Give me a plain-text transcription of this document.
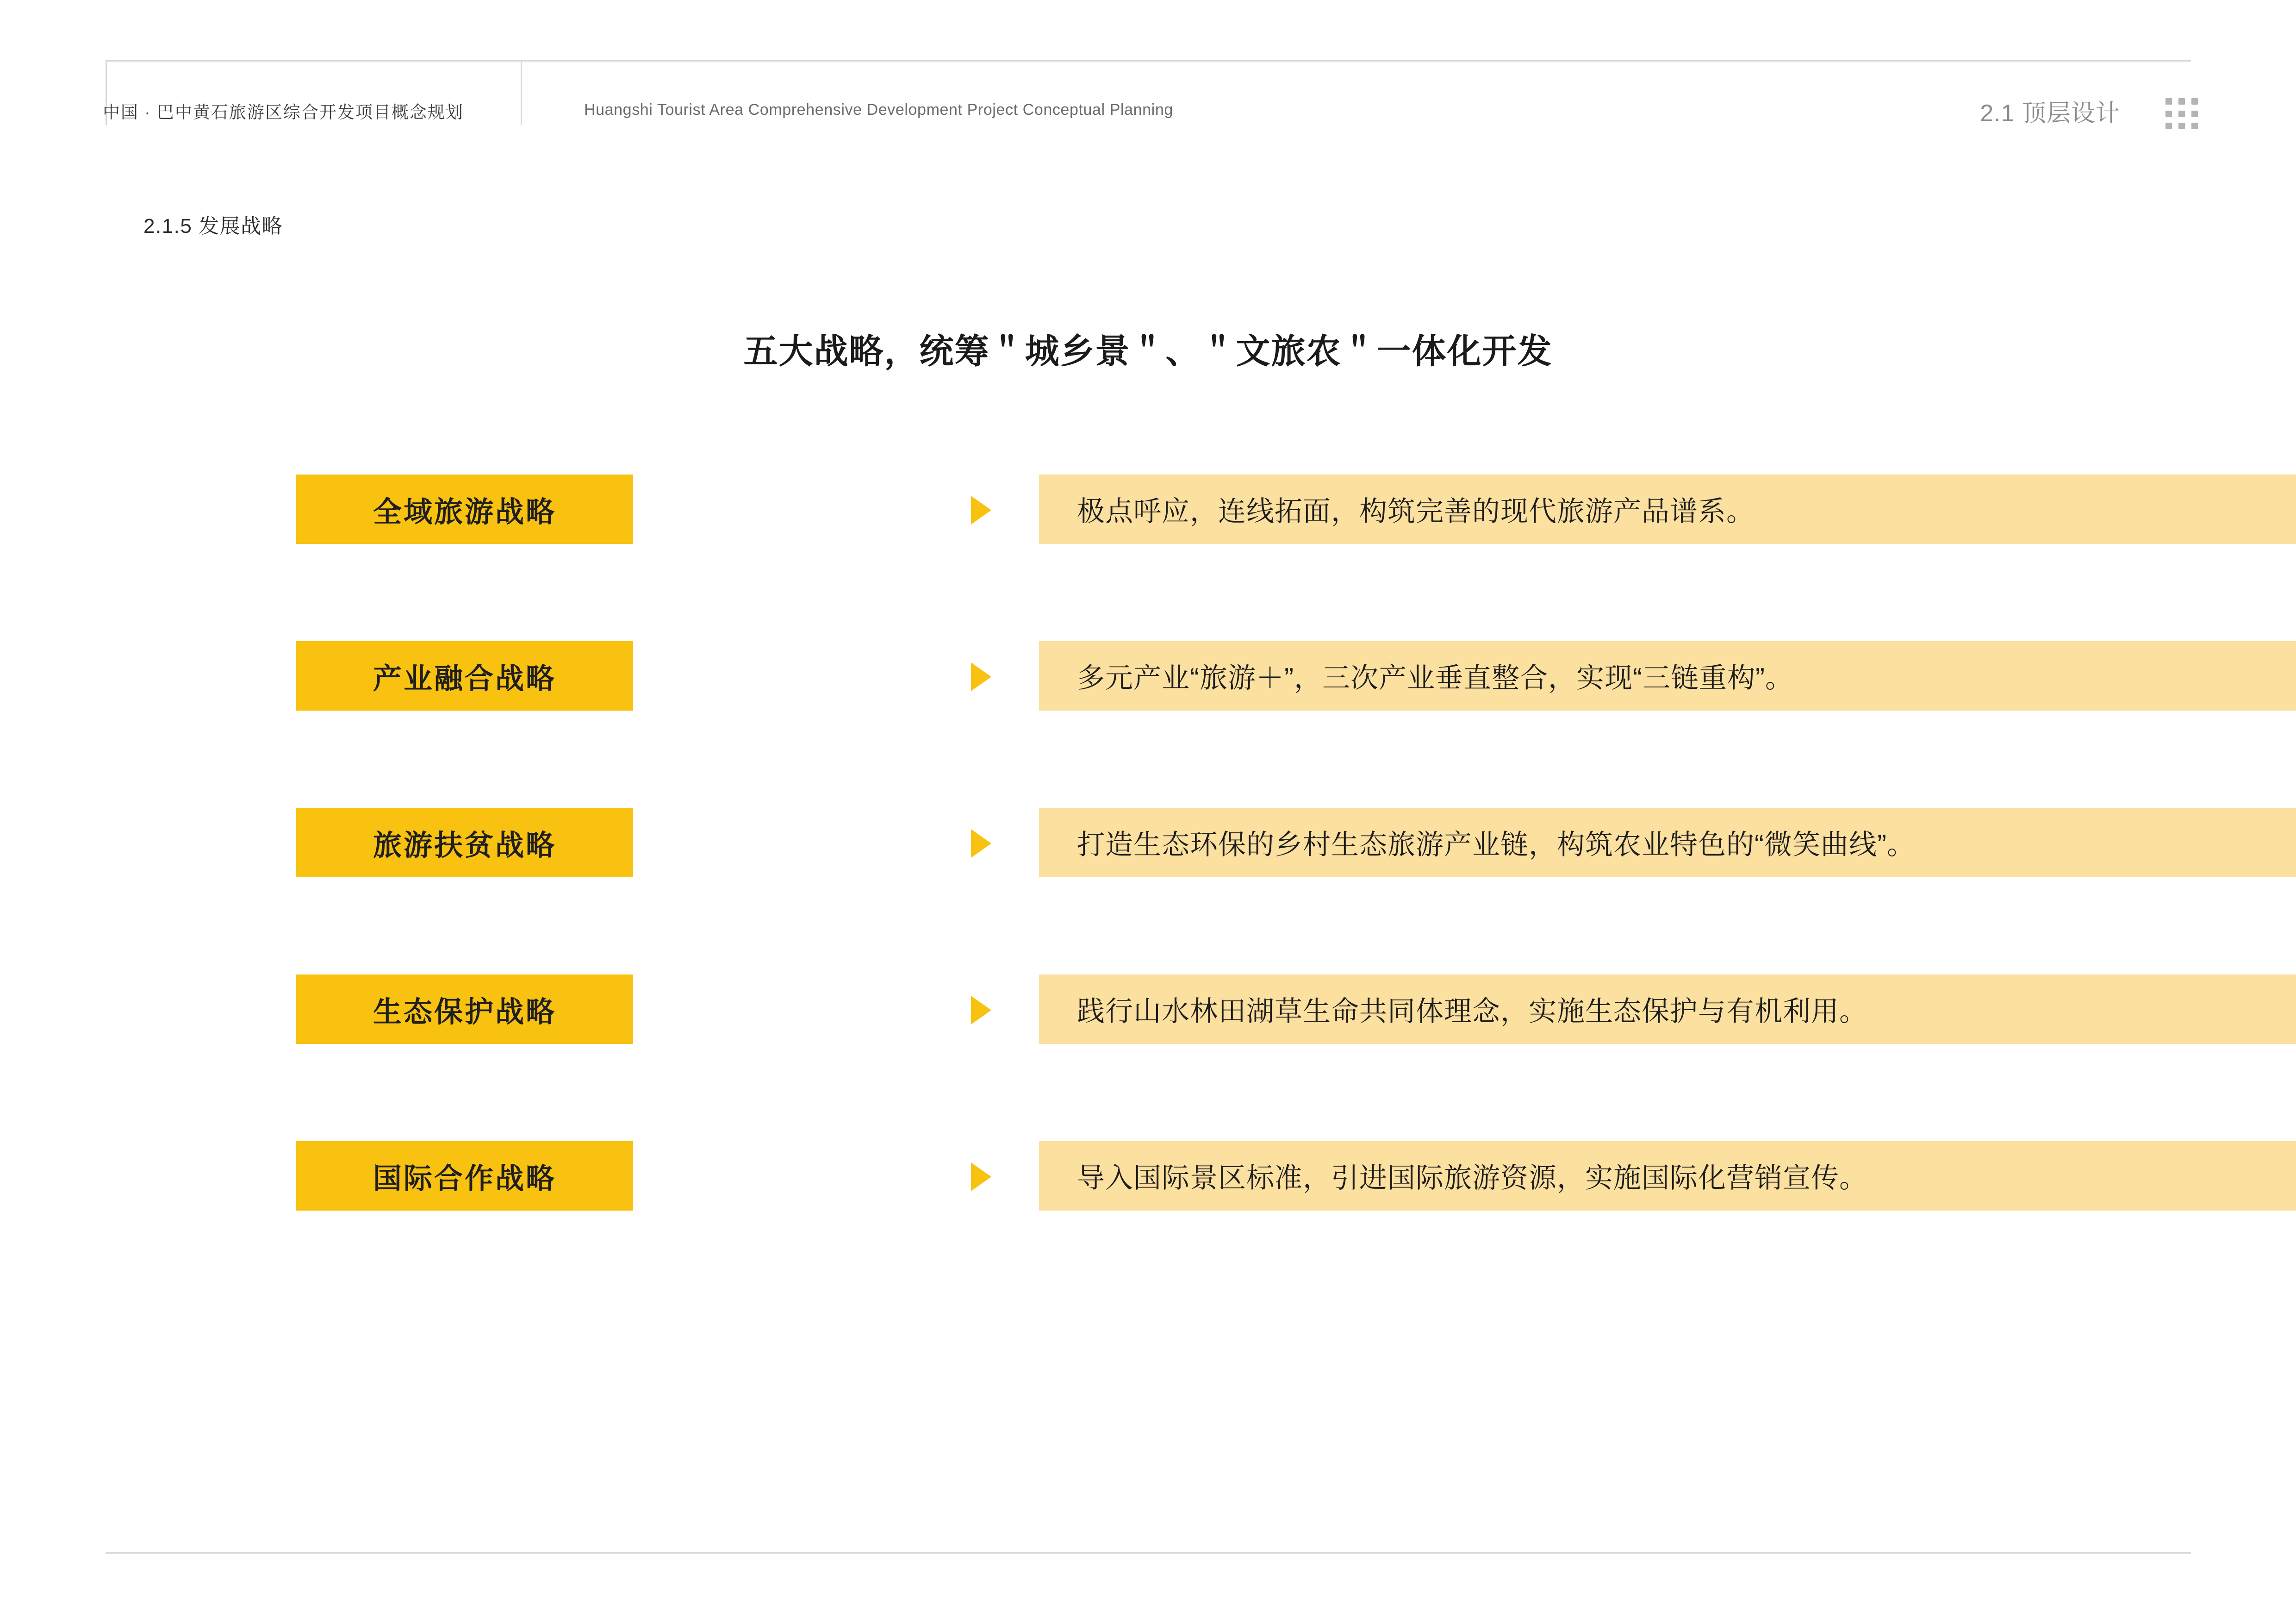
中国 · 巴中黄石旅游区综合开发项目概念规划	Huangshi Tourist Area Comprehensive Development Project Conceptual Planning	2.1 顶层设计
2.1.5 发展战略
五大战略，统筹＂城乡景＂、＂文旅农＂一体化开发
全域旅游战略	极点呼应，连线拓面，构筑完善的现代旅游产品谱系。
产业融合战略	多元产业“旅游＋”，三次产业垂直整合，实现“三链重构”。
旅游扶贫战略	打造生态环保的乡村生态旅游产业链，构筑农业特色的“微笑曲线”。
生态保护战略	践行山水林田湖草生命共同体理念，实施生态保护与有机利用。
国际合作战略	导入国际景区标准，引进国际旅游资源，实施国际化营销宣传。
